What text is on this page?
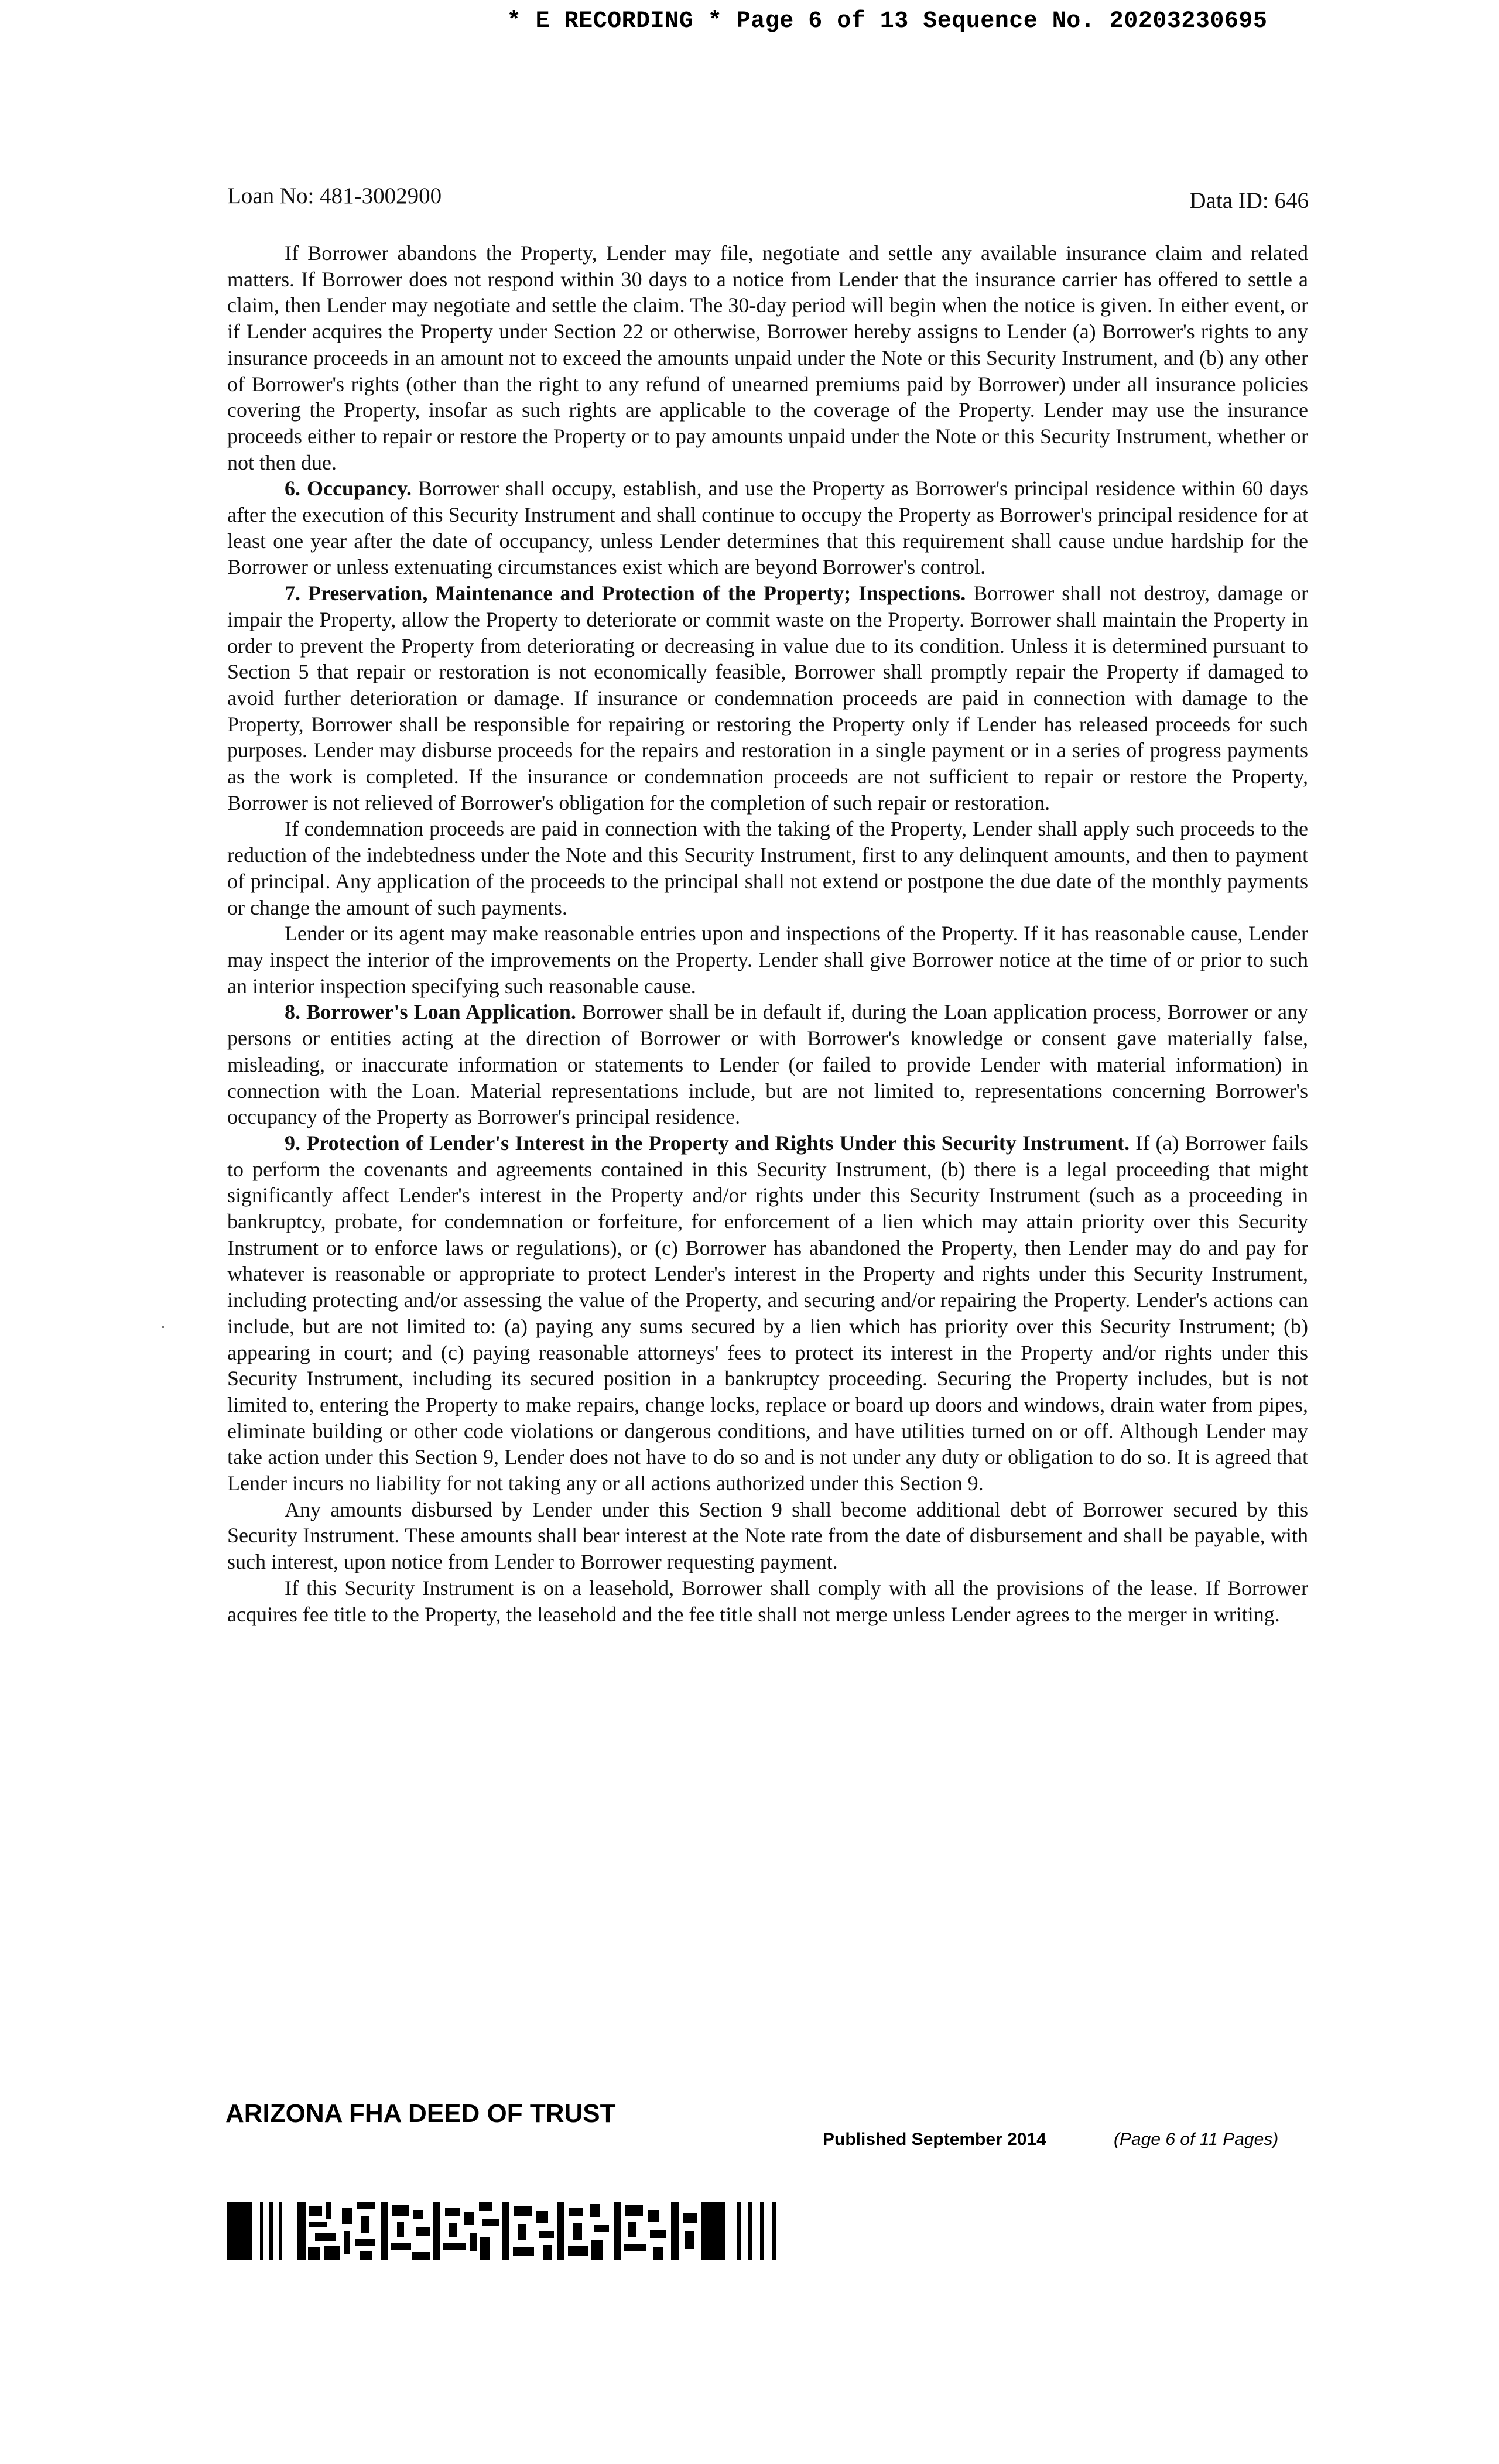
* E RECORDING * Page 6 of 13 Sequence No. 20203230695
Loan No: 481-3002900	Data ID: 646

If Borrower abandons the Property, Lender may file, negotiate and settle any available insurance claim and related matters. If Borrower does not respond within 30 days to a notice from Lender that the insurance carrier has offered to settle a claim, then Lender may negotiate and settle the claim. The 30-day period will begin when the notice is given. In either event, or if Lender acquires the Property under Section 22 or otherwise, Borrower hereby assigns to Lender (a) Borrower's rights to any insurance proceeds in an amount not to exceed the amounts unpaid under the Note or this Security Instrument, and (b) any other of Borrower's rights (other than the right to any refund of unearned premiums paid by Borrower) under all insurance policies covering the Property, insofar as such rights are applicable to the coverage of the Property. Lender may use the insurance proceeds either to repair or restore the Property or to pay amounts unpaid under the Note or this Security Instrument, whether or not then due.

6. Occupancy. Borrower shall occupy, establish, and use the Property as Borrower's principal residence within 60 days after the execution of this Security Instrument and shall continue to occupy the Property as Borrower's principal residence for at least one year after the date of occupancy, unless Lender determines that this requirement shall cause undue hardship for the Borrower or unless extenuating circumstances exist which are beyond Borrower's control.

7. Preservation, Maintenance and Protection of the Property; Inspections. Borrower shall not destroy, damage or impair the Property, allow the Property to deteriorate or commit waste on the Property. Borrower shall maintain the Property in order to prevent the Property from deteriorating or decreasing in value due to its condition. Unless it is determined pursuant to Section 5 that repair or restoration is not economically feasible, Borrower shall promptly repair the Property if damaged to avoid further deterioration or damage. If insurance or condemnation proceeds are paid in connection with damage to the Property, Borrower shall be responsible for repairing or restoring the Property only if Lender has released proceeds for such purposes. Lender may disburse proceeds for the repairs and restoration in a single payment or in a series of progress payments as the work is completed. If the insurance or condemnation proceeds are not sufficient to repair or restore the Property, Borrower is not relieved of Borrower's obligation for the completion of such repair or restoration.

If condemnation proceeds are paid in connection with the taking of the Property, Lender shall apply such proceeds to the reduction of the indebtedness under the Note and this Security Instrument, first to any delinquent amounts, and then to payment of principal. Any application of the proceeds to the principal shall not extend or postpone the due date of the monthly payments or change the amount of such payments.

Lender or its agent may make reasonable entries upon and inspections of the Property. If it has reasonable cause, Lender may inspect the interior of the improvements on the Property. Lender shall give Borrower notice at the time of or prior to such an interior inspection specifying such reasonable cause.

8. Borrower's Loan Application. Borrower shall be in default if, during the Loan application process, Borrower or any persons or entities acting at the direction of Borrower or with Borrower's knowledge or consent gave materially false, misleading, or inaccurate information or statements to Lender (or failed to provide Lender with material information) in connection with the Loan. Material representations include, but are not limited to, representations concerning Borrower's occupancy of the Property as Borrower's principal residence.

9. Protection of Lender's Interest in the Property and Rights Under this Security Instrument. If (a) Borrower fails to perform the covenants and agreements contained in this Security Instrument, (b) there is a legal proceeding that might significantly affect Lender's interest in the Property and/or rights under this Security Instrument (such as a proceeding in bankruptcy, probate, for condemnation or forfeiture, for enforcement of a lien which may attain priority over this Security Instrument or to enforce laws or regulations), or (c) Borrower has abandoned the Property, then Lender may do and pay for whatever is reasonable or appropriate to protect Lender's interest in the Property and rights under this Security Instrument, including protecting and/or assessing the value of the Property, and securing and/or repairing the Property. Lender's actions can include, but are not limited to: (a) paying any sums secured by a lien which has priority over this Security Instrument; (b) appearing in court; and (c) paying reasonable attorneys' fees to protect its interest in the Property and/or rights under this Security Instrument, including its secured position in a bankruptcy proceeding. Securing the Property includes, but is not limited to, entering the Property to make repairs, change locks, replace or board up doors and windows, drain water from pipes, eliminate building or other code violations or dangerous conditions, and have utilities turned on or off. Although Lender may take action under this Section 9, Lender does not have to do so and is not under any duty or obligation to do so. It is agreed that Lender incurs no liability for not taking any or all actions authorized under this Section 9.

Any amounts disbursed by Lender under this Section 9 shall become additional debt of Borrower secured by this Security Instrument. These amounts shall bear interest at the Note rate from the date of disbursement and shall be payable, with such interest, upon notice from Lender to Borrower requesting payment.

If this Security Instrument is on a leasehold, Borrower shall comply with all the provisions of the lease. If Borrower acquires fee title to the Property, the leasehold and the fee title shall not merge unless Lender agrees to the merger in writing.

ARIZONA FHA DEED OF TRUST
Published September 2014	(Page 6 of 11 Pages)
